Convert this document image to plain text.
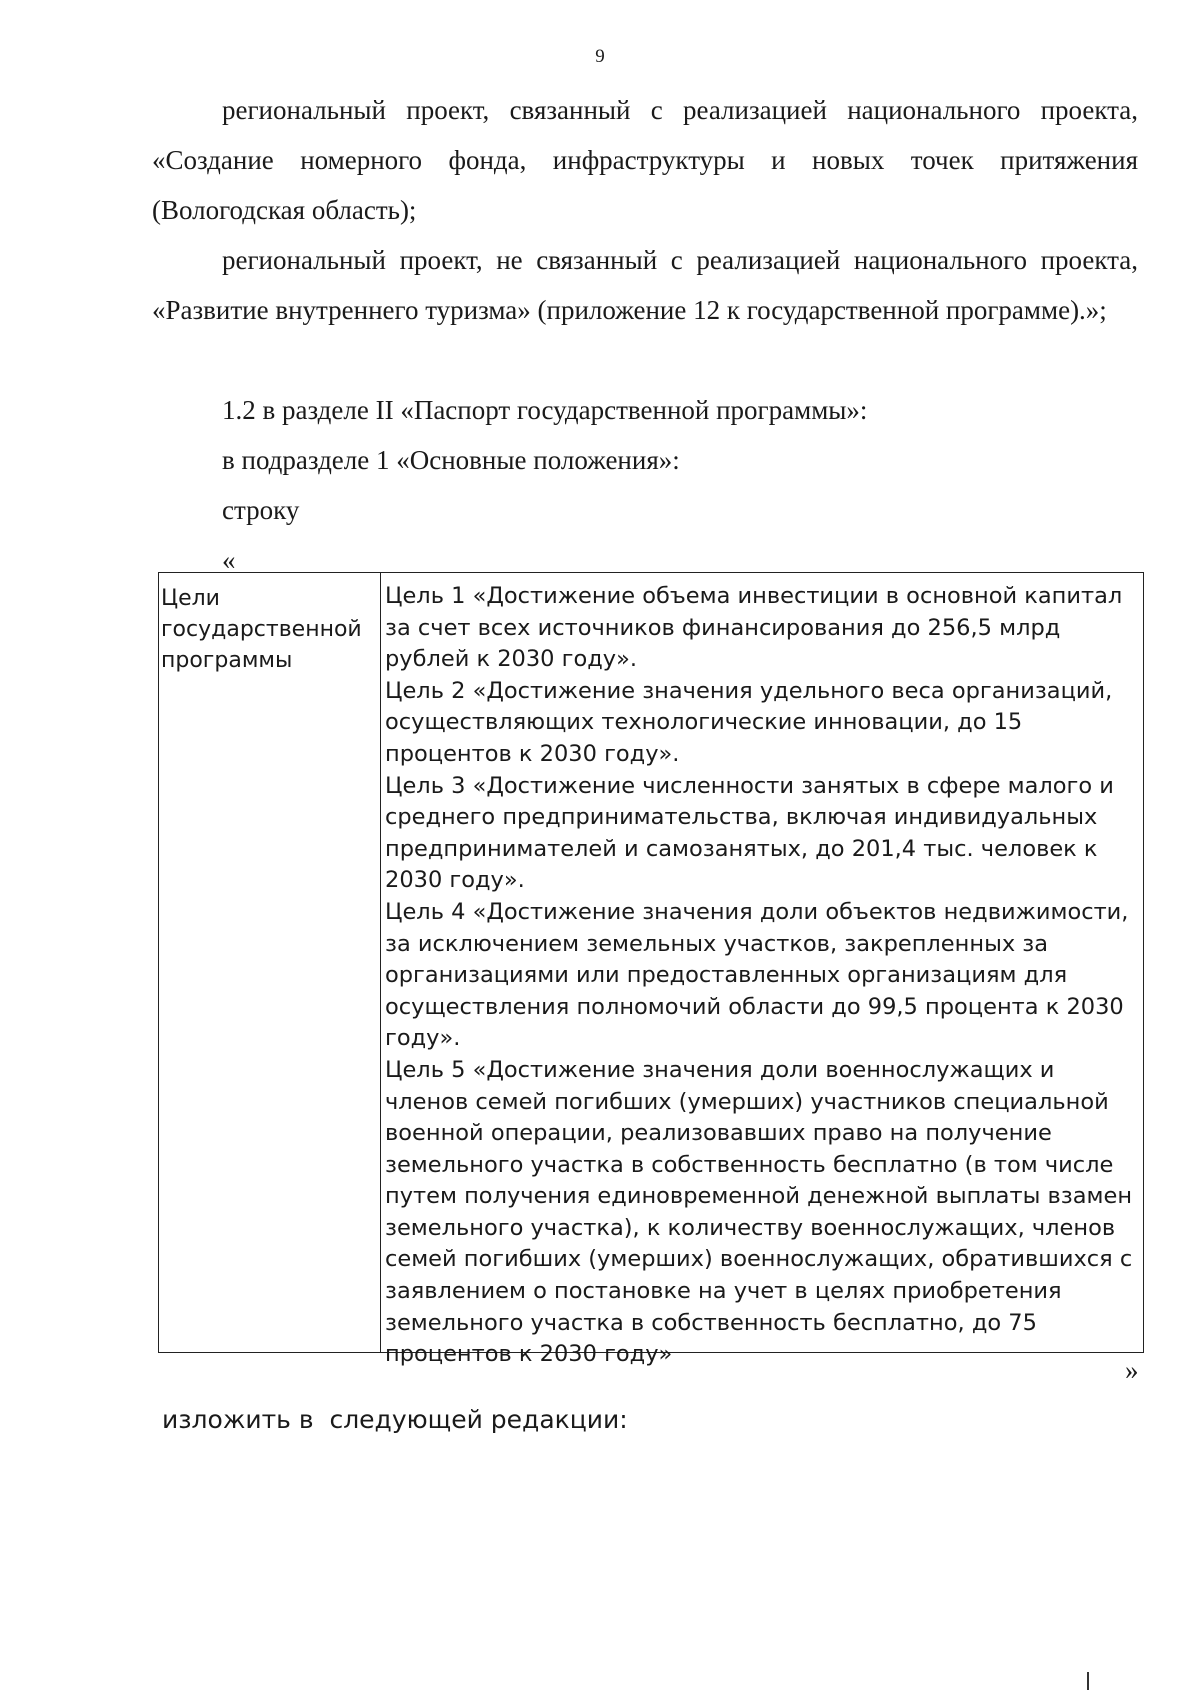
9

региональный проект, связанный с реализацией национального проекта, «Создание номерного фонда, инфраструктуры и новых точек притяжения (Вологодская область);

региональный проект, не связанный с реализацией национального проекта, «Развитие внутреннего туризма» (приложение 12 к государственной программе).»;

1.2 в разделе II «Паспорт государственной программы»:
в подразделе 1 «Основные положения»:
строку
«
Цели государственной программы

Цель 1 «Достижение объема инвестиции в основной капитал за счет всех источников финансирования до 256,5 млрд рублей к 2030 году».

Цель 2 «Достижение значения удельного веса организаций, осуществляющих технологические инновации, до 15 процентов к 2030 году».

Цель 3 «Достижение численности занятых в сфере малого и среднего предпринимательства, включая индивидуальных предпринимателей и самозанятых, до 201,4 тыс. человек к 2030 году».

Цель 4 «Достижение значения доли объектов недвижимости, за исключением земельных участков, закрепленных за организациями или предоставленных организациям для осуществления полномочий области до 99,5 процента к 2030 году».

Цель 5 «Достижение значения доли военнослужащих и членов семей погибших (умерших) участников специальной военной операции, реализовавших право на получение земельного участка в собственность бесплатно (в том числе путем получения единовременной денежной выплаты взамен земельного участка), к количеству военнослужащих, членов семей погибших (умерших) военнослужащих, обратившихся с заявлением о постановке на учет в целях приобретения земельного участка в собственность бесплатно, до 75 процентов к 2030 году»

»
изложить в  следующей редакции:
